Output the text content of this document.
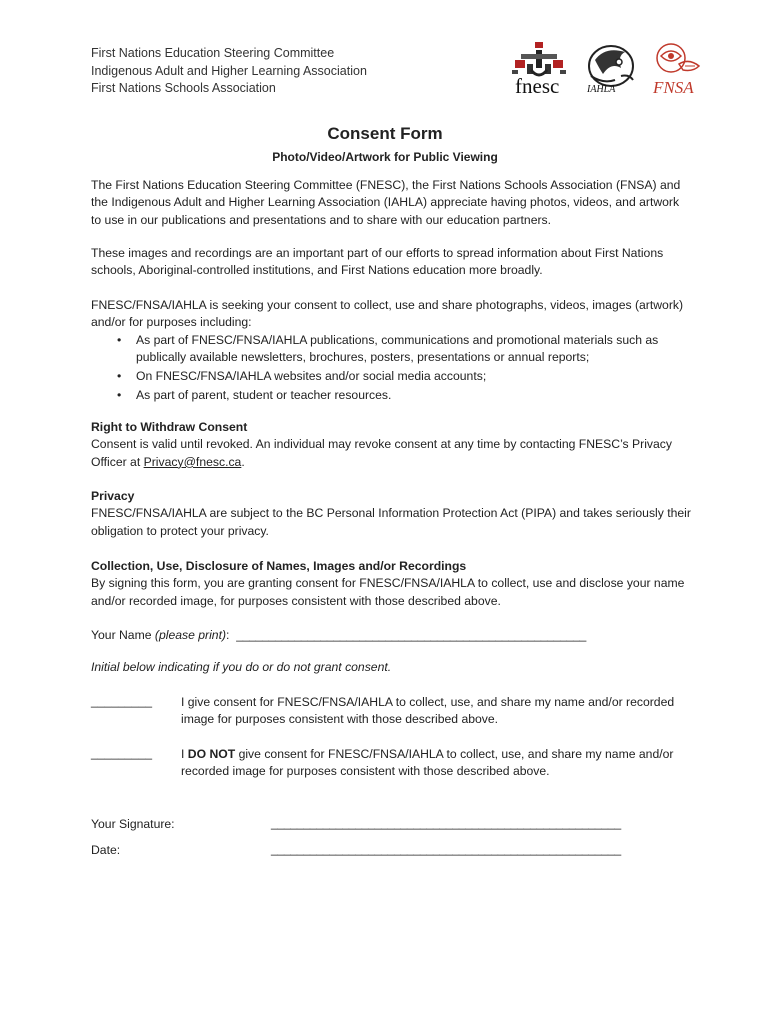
First Nations Education Steering Committee
Indigenous Adult and Higher Learning Association
First Nations Schools Association	fnesc	IAHLA FNSA
Consent Form
Photo/Video/Artwork for Public Viewing
The First Nations Education Steering Committee (FNESC), the First Nations Schools Association (FNSA) and the Indigenous Adult and Higher Learning Association (IAHLA) appreciate having photos, videos, and artwork to use in our publications and presentations and to share with our education partners.
These images and recordings are an important part of our efforts to spread information about First Nations schools, Aboriginal-controlled institutions, and First Nations education more broadly.
FNESC/FNSA/IAHLA is seeking your consent to collect, use and share photographs, videos, images (artwork) and/or for purposes including:
• As part of FNESC/FNSA/IAHLA publications, communications and promotional materials such as publically available newsletters, brochures, posters, presentations or annual reports;
• On FNESC/FNSA/IAHLA websites and/or social media accounts;
• As part of parent, student or teacher resources.
Right to Withdraw Consent
Consent is valid until revoked. An individual may revoke consent at any time by contacting FNESC’s Privacy Officer at Privacy@fnesc.ca.
Privacy
FNESC/FNSA/IAHLA are subject to the BC Personal Information Protection Act (PIPA) and takes seriously their obligation to protect your privacy.
Collection, Use, Disclosure of Names, Images and/or Recordings
By signing this form, you are granting consent for FNESC/FNSA/IAHLA to collect, use and disclose your name and/or recorded image, for purposes consistent with those described above.
Your Name (please print): ______________________________________________________
Initial below indicating if you do or do not grant consent.
_________ I give consent for FNESC/FNSA/IAHLA to collect, use, and share my name and/or recorded image for purposes consistent with those described above.
_________ I DO NOT give consent for FNESC/FNSA/IAHLA to collect, use, and share my name and/or recorded image for purposes consistent with those described above.
Your Signature:	______________________________________________________
Date:	______________________________________________________
